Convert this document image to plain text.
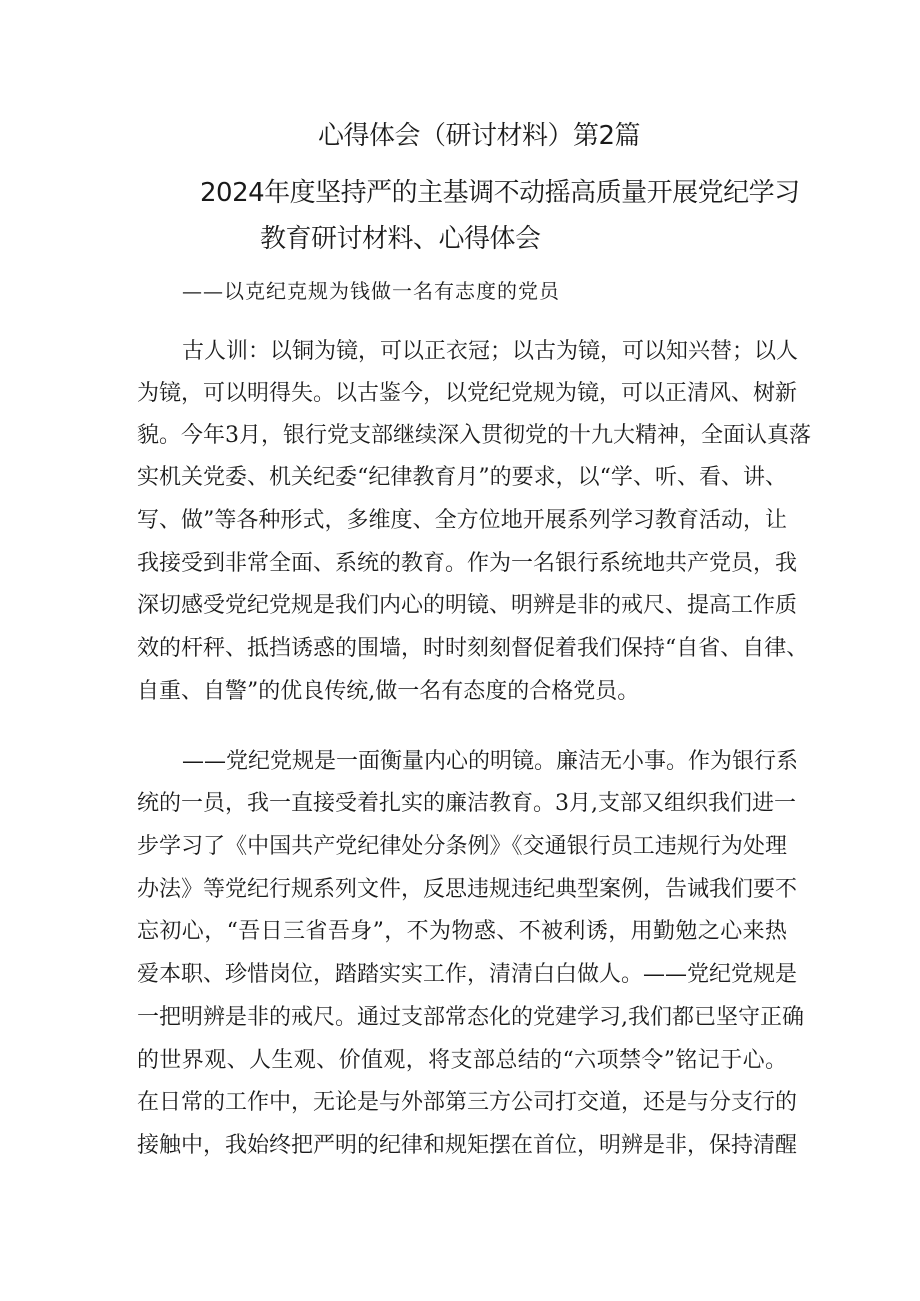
心得体会（研讨材料）第2篇
2024年度坚持严的主基调不动摇高质量开展党纪学习
教育研讨材料、心得体会
——以克纪克规为钱做一名有志度的党员
古人训：以铜为镜，可以正衣冠；以古为镜，可以知兴替；以人
为镜，可以明得失。以古鉴今，以党纪党规为镜，可以正清风、树新
貌。今年3月，银行党支部继续深入贯彻党的十九大精神，全面认真落
实机关党委、机关纪委“纪律教育月”的要求，以“学、听、看、讲、
写、做”等各种形式，多维度、全方位地开展系列学习教育活动，让
我接受到非常全面、系统的教育。作为一名银行系统地共产党员，我
深切感受党纪党规是我们内心的明镜、明辨是非的戒尺、提高工作质
效的杆秤、抵挡诱惑的围墙，时时刻刻督促着我们保持“自省、自律、
自重、自警”的优良传统,做一名有态度的合格党员。
——党纪党规是一面衡量内心的明镜。廉洁无小事。作为银行系
统的一员，我一直接受着扎实的廉洁教育。3月,支部又组织我们进一
步学习了《中国共产党纪律处分条例》《交通银行员工违规行为处理
办法》等党纪行规系列文件，反思违规违纪典型案例，告诫我们要不
忘初心，“吾日三省吾身”，不为物惑、不被利诱，用勤勉之心来热
爱本职、珍惜岗位，踏踏实实工作，清清白白做人。——党纪党规是
一把明辨是非的戒尺。通过支部常态化的党建学习,我们都已坚守正确
的世界观、人生观、价值观，将支部总结的“六项禁令”铭记于心。
在日常的工作中，无论是与外部第三方公司打交道，还是与分支行的
接触中，我始终把严明的纪律和规矩摆在首位，明辨是非，保持清醒
